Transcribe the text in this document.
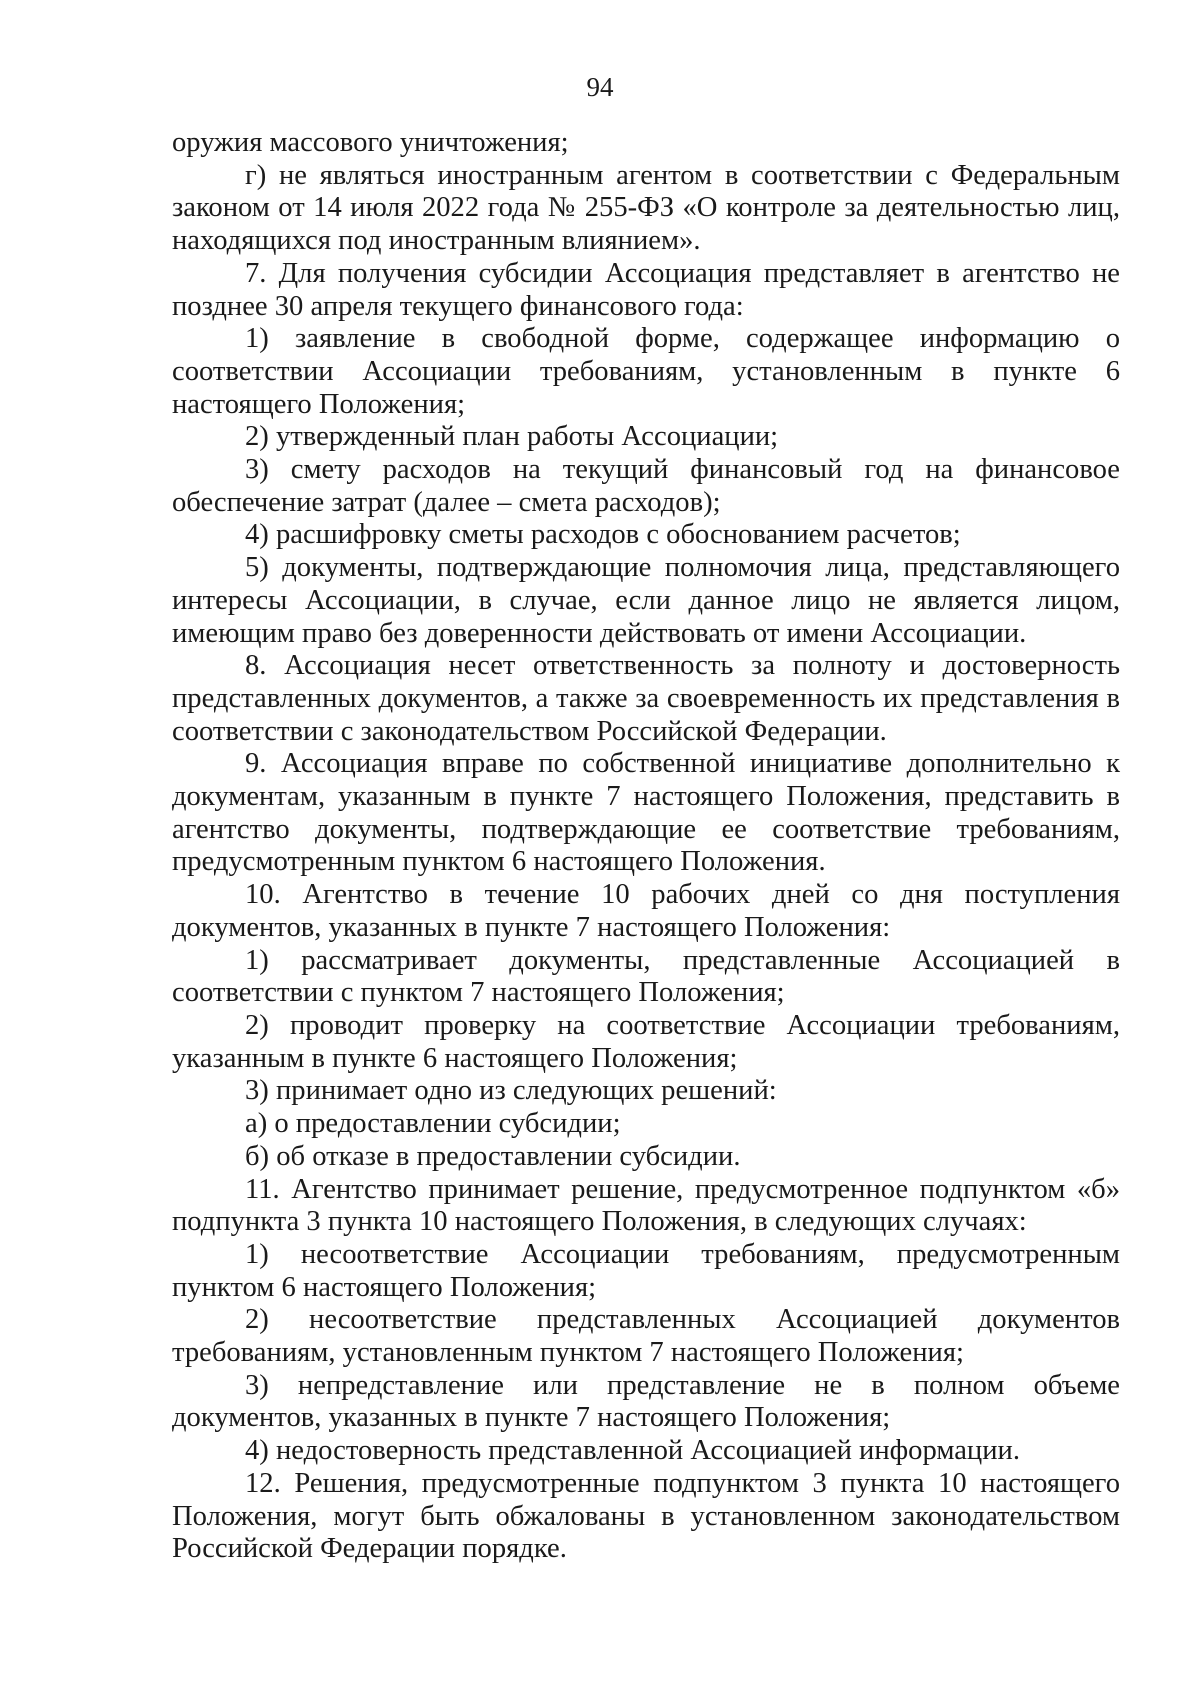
94

оружия массового уничтожения;

г) не являться иностранным агентом в соответствии с Федеральным законом от 14 июля 2022 года № 255-ФЗ «О контроле за деятельностью лиц, находящихся под иностранным влиянием».

7. Для получения субсидии Ассоциация представляет в агентство не позднее 30 апреля текущего финансового года:

1) заявление в свободной форме, содержащее информацию о соответствии Ассоциации требованиям, установленным в пункте 6 настоящего Положения;

2) утвержденный план работы Ассоциации;

3) смету расходов на текущий финансовый год на финансовое обеспечение затрат (далее – смета расходов);

4) расшифровку сметы расходов с обоснованием расчетов;

5) документы, подтверждающие полномочия лица, представляющего интересы Ассоциации, в случае, если данное лицо не является лицом, имеющим право без доверенности действовать от имени Ассоциации.

8. Ассоциация несет ответственность за полноту и достоверность представленных документов, а также за своевременность их представления в соответствии с законодательством Российской Федерации.

9. Ассоциация вправе по собственной инициативе дополнительно к документам, указанным в пункте 7 настоящего Положения, представить в агентство документы, подтверждающие ее соответствие требованиям, предусмотренным пунктом 6 настоящего Положения.

10. Агентство в течение 10 рабочих дней со дня поступления документов, указанных в пункте 7 настоящего Положения:

1) рассматривает документы, представленные Ассоциацией в соответствии с пунктом 7 настоящего Положения;

2) проводит проверку на соответствие Ассоциации требованиям, указанным в пункте 6 настоящего Положения;

3) принимает одно из следующих решений:

а) о предоставлении субсидии;

б) об отказе в предоставлении субсидии.

11. Агентство принимает решение, предусмотренное подпунктом «б» подпункта 3 пункта 10 настоящего Положения, в следующих случаях:

1) несоответствие Ассоциации требованиям, предусмотренным пунктом 6 настоящего Положения;

2) несоответствие представленных Ассоциацией документов требованиям, установленным пунктом 7 настоящего Положения;

3) непредставление или представление не в полном объеме документов, указанных в пункте 7 настоящего Положения;

4) недостоверность представленной Ассоциацией информации.

12. Решения, предусмотренные подпунктом 3 пункта 10 настоящего Положения, могут быть обжалованы в установленном законодательством Российской Федерации порядке.
